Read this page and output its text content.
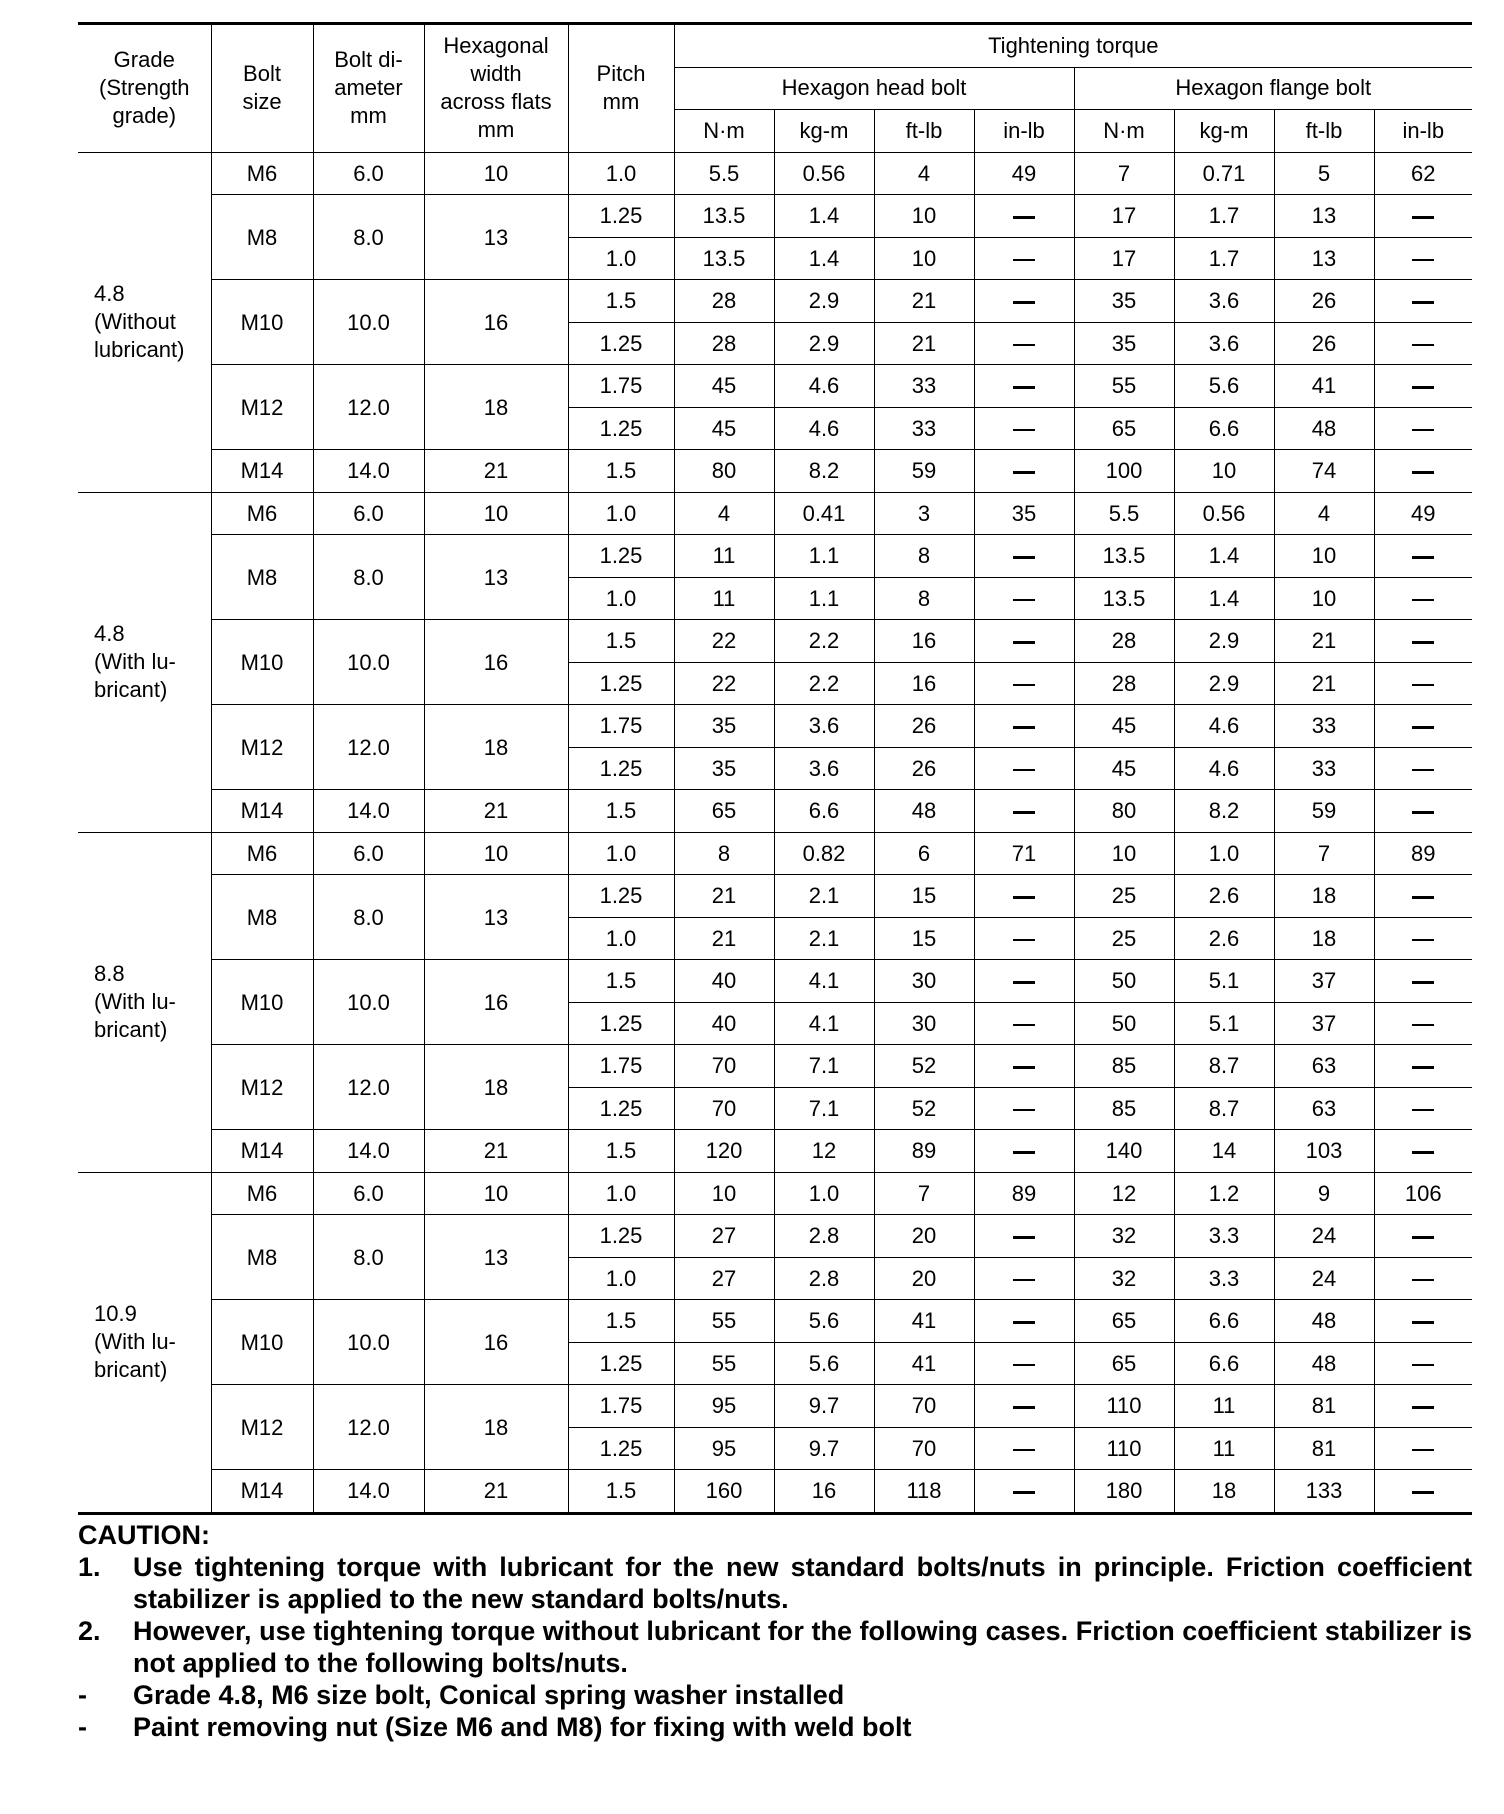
Grade
(Strength
grade)	Bolt
size	Bolt di-
ameter
mm	Hexagonal
width
across flats
mm	Pitch
mm	Tightening torque							
					Hexagon head bolt				Hexagon flange bolt			
					N·m	kg-m	ft-lb	in-lb	N·m	kg-m	ft-lb	in-lb
4.8
(Without
lubricant)	M6	6.0	10	1.0	5.5	0.56	4	49	7	0.71	5	62
	M8	8.0	13	1.25	13.5	1.4	10		17	1.7	13	
				1.0	13.5	1.4	10		17	1.7	13	
	M10	10.0	16	1.5	28	2.9	21		35	3.6	26	
				1.25	28	2.9	21		35	3.6	26	
	M12	12.0	18	1.75	45	4.6	33		55	5.6	41	
				1.25	45	4.6	33		65	6.6	48	
	M14	14.0	21	1.5	80	8.2	59		100	10	74	
4.8
(With lu-
bricant)	M6	6.0	10	1.0	4	0.41	3	35	5.5	0.56	4	49
	M8	8.0	13	1.25	11	1.1	8		13.5	1.4	10	
				1.0	11	1.1	8		13.5	1.4	10	
	M10	10.0	16	1.5	22	2.2	16		28	2.9	21	
				1.25	22	2.2	16		28	2.9	21	
	M12	12.0	18	1.75	35	3.6	26		45	4.6	33	
				1.25	35	3.6	26		45	4.6	33	
	M14	14.0	21	1.5	65	6.6	48		80	8.2	59	
8.8
(With lu-
bricant)	M6	6.0	10	1.0	8	0.82	6	71	10	1.0	7	89
	M8	8.0	13	1.25	21	2.1	15		25	2.6	18	
				1.0	21	2.1	15		25	2.6	18	
	M10	10.0	16	1.5	40	4.1	30		50	5.1	37	
				1.25	40	4.1	30		50	5.1	37	
	M12	12.0	18	1.75	70	7.1	52		85	8.7	63	
				1.25	70	7.1	52		85	8.7	63	
	M14	14.0	21	1.5	120	12	89		140	14	103	
10.9
(With lu-
bricant)	M6	6.0	10	1.0	10	1.0	7	89	12	1.2	9	106
	M8	8.0	13	1.25	27	2.8	20		32	3.3	24	
				1.0	27	2.8	20		32	3.3	24	
	M10	10.0	16	1.5	55	5.6	41		65	6.6	48	
				1.25	55	5.6	41		65	6.6	48	
	M12	12.0	18	1.75	95	9.7	70		110	11	81	
				1.25	95	9.7	70		110	11	81	
	M14	14.0	21	1.5	160	16	118		180	18	133	
CAUTION:
1.	Use tightening torque with lubricant for the new standard bolts/nuts in principle. Friction coefficient stabilizer is applied to the new standard bolts/nuts.
2.	However, use tightening torque without lubricant for the following cases. Friction coefficient stabilizer is not applied to the following bolts/nuts.
-	Grade 4.8, M6 size bolt, Conical spring washer installed
-	Paint removing nut (Size M6 and M8) for fixing with weld bolt
